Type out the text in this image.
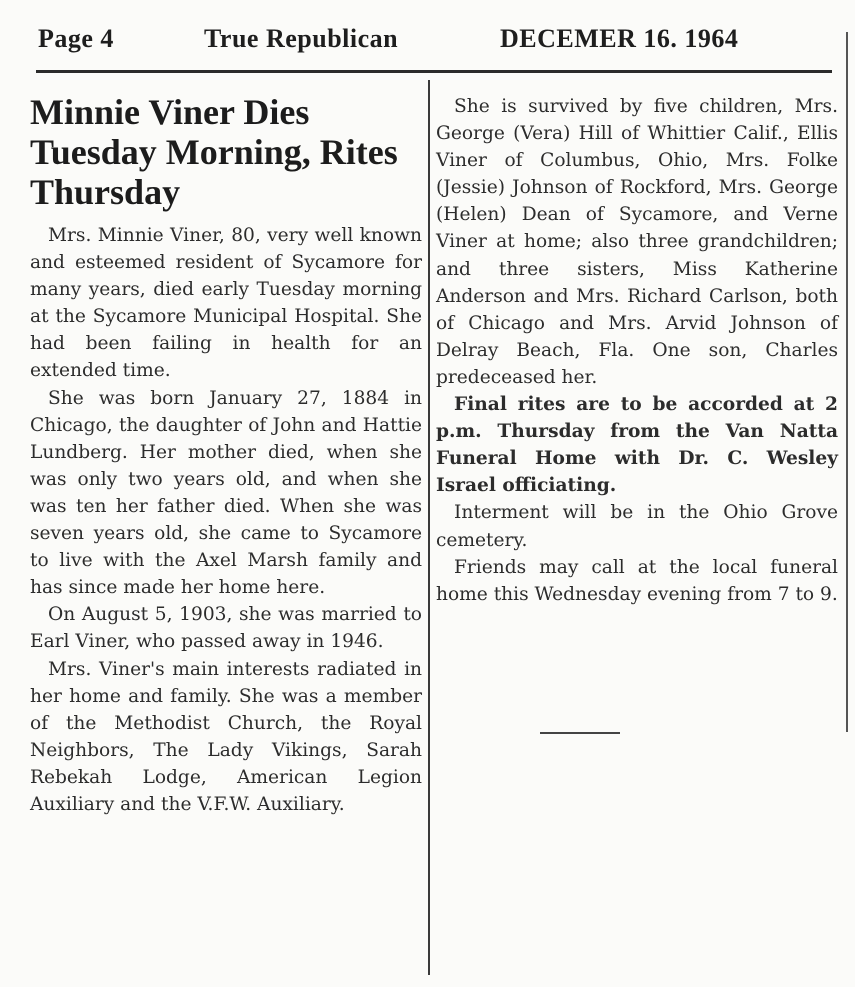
Page 4	True Republican	DECEMER 16. 1964
Minnie Viner Dies Tuesday Morning, Rites Thursday

Mrs. Minnie Viner, 80, very well known and esteemed resident of Sycamore for many years, died early Tuesday morning at the Sycamore Municipal Hospital. She had been failing in health for an extended time.

She was born January 27, 1884 in Chicago, the daughter of John and Hattie Lundberg. Her mother died, when she was only two years old, and when she was ten her father died. When she was seven years old, she came to Sycamore to live with the Axel Marsh family and has since made her home here.

On August 5, 1903, she was married to Earl Viner, who passed away in 1946.

Mrs. Viner's main interests radiated in her home and family. She was a member of the Methodist Church, the Royal Neighbors, The Lady Vikings, Sarah Rebekah Lodge, American Legion Auxiliary and the V.F.W. Auxiliary.

She is survived by five children, Mrs. George (Vera) Hill of Whittier Calif., Ellis Viner of Columbus, Ohio, Mrs. Folke (Jessie) Johnson of Rockford, Mrs. George (Helen) Dean of Sycamore, and Verne Viner at home; also three grandchildren; and three sisters, Miss Katherine Anderson and Mrs. Richard Carlson, both of Chicago and Mrs. Arvid Johnson of Delray Beach, Fla. One son, Charles predeceased her.

Final rites are to be accorded at 2 p.m. Thursday from the Van Natta Funeral Home with Dr. C. Wesley Israel officiating.

Interment will be in the Ohio Grove cemetery.

Friends may call at the local funeral home this Wednesday evening from 7 to 9.
